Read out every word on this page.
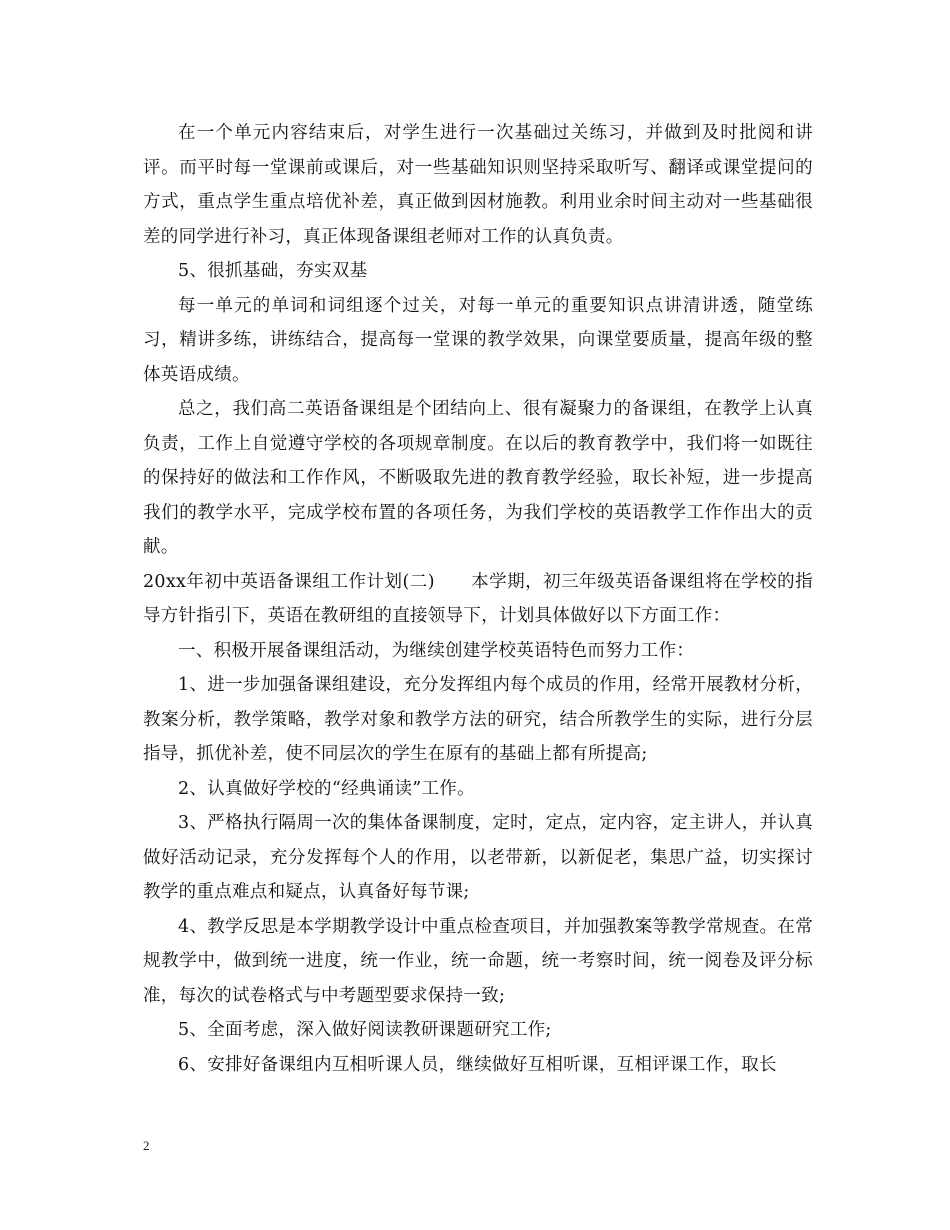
在一个单元内容结束后，对学生进行一次基础过关练习，并做到及时批阅和讲评。而平时每一堂课前或课后，对一些基础知识则坚持采取听写、翻译或课堂提问的方式，重点学生重点培优补差，真正做到因材施教。利用业余时间主动对一些基础很差的同学进行补习，真正体现备课组老师对工作的认真负责。

5、很抓基础，夯实双基

每一单元的单词和词组逐个过关，对每一单元的重要知识点讲清讲透，随堂练习，精讲多练，讲练结合，提高每一堂课的教学效果，向课堂要质量，提高年级的整体英语成绩。

总之，我们高二英语备课组是个团结向上、很有凝聚力的备课组，在教学上认真负责，工作上自觉遵守学校的各项规章制度。在以后的教育教学中，我们将一如既往的保持好的做法和工作作风，不断吸取先进的教育教学经验，取长补短，进一步提高我们的教学水平，完成学校布置的各项任务，为我们学校的英语教学工作作出大的贡献。

20xx年初中英语备课组工作计划(二)　　本学期，初三年级英语备课组将在学校的指导方针指引下，英语在教研组的直接领导下，计划具体做好以下方面工作：

一、积极开展备课组活动，为继续创建学校英语特色而努力工作：

1、进一步加强备课组建设，充分发挥组内每个成员的作用，经常开展教材分析，教案分析，教学策略，教学对象和教学方法的研究，结合所教学生的实际，进行分层指导，抓优补差，使不同层次的学生在原有的基础上都有所提高;

2、认真做好学校的“经典诵读”工作。

3、严格执行隔周一次的集体备课制度，定时，定点，定内容，定主讲人，并认真做好活动记录，充分发挥每个人的作用，以老带新，以新促老，集思广益，切实探讨教学的重点难点和疑点，认真备好每节课;

4、教学反思是本学期教学设计中重点检查项目，并加强教案等教学常规查。在常规教学中，做到统一进度，统一作业，统一命题，统一考察时间，统一阅卷及评分标准，每次的试卷格式与中考题型要求保持一致;

5、全面考虑，深入做好阅读教研课题研究工作;

6、安排好备课组内互相听课人员，继续做好互相听课，互相评课工作，取长

2
